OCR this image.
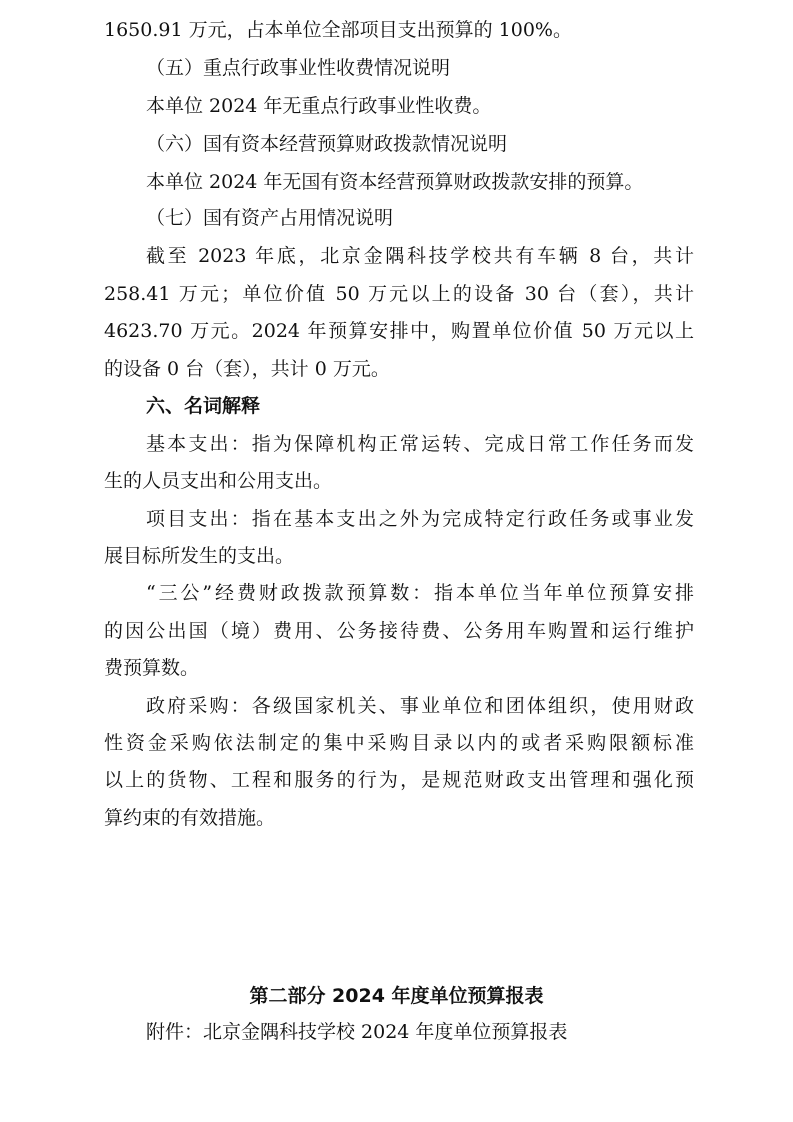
1650.91 万元，占本单位全部项目支出预算的 100%。
（五）重点行政事业性收费情况说明
本单位 2024 年无重点行政事业性收费。
（六）国有资本经营预算财政拨款情况说明
本单位 2024 年无国有资本经营预算财政拨款安排的预算。
（七）国有资产占用情况说明
截至 2023 年底，北京金隅科技学校共有车辆 8 台，共计
258.41 万元；单位价值 50 万元以上的设备 30 台（套），共计
4623.70 万元。2024 年预算安排中，购置单位价值 50 万元以上
的设备 0 台（套），共计 0 万元。
六、名词解释
基本支出：指为保障机构正常运转、完成日常工作任务而发
生的人员支出和公用支出。
项目支出：指在基本支出之外为完成特定行政任务或事业发
展目标所发生的支出。
“三公”经费财政拨款预算数：指本单位当年单位预算安排
的因公出国（境）费用、公务接待费、公务用车购置和运行维护
费预算数。
政府采购：各级国家机关、事业单位和团体组织，使用财政
性资金采购依法制定的集中采购目录以内的或者采购限额标准
以上的货物、工程和服务的行为，是规范财政支出管理和强化预
算约束的有效措施。
第二部分 2024 年度单位预算报表
附件：北京金隅科技学校 2024 年度单位预算报表
